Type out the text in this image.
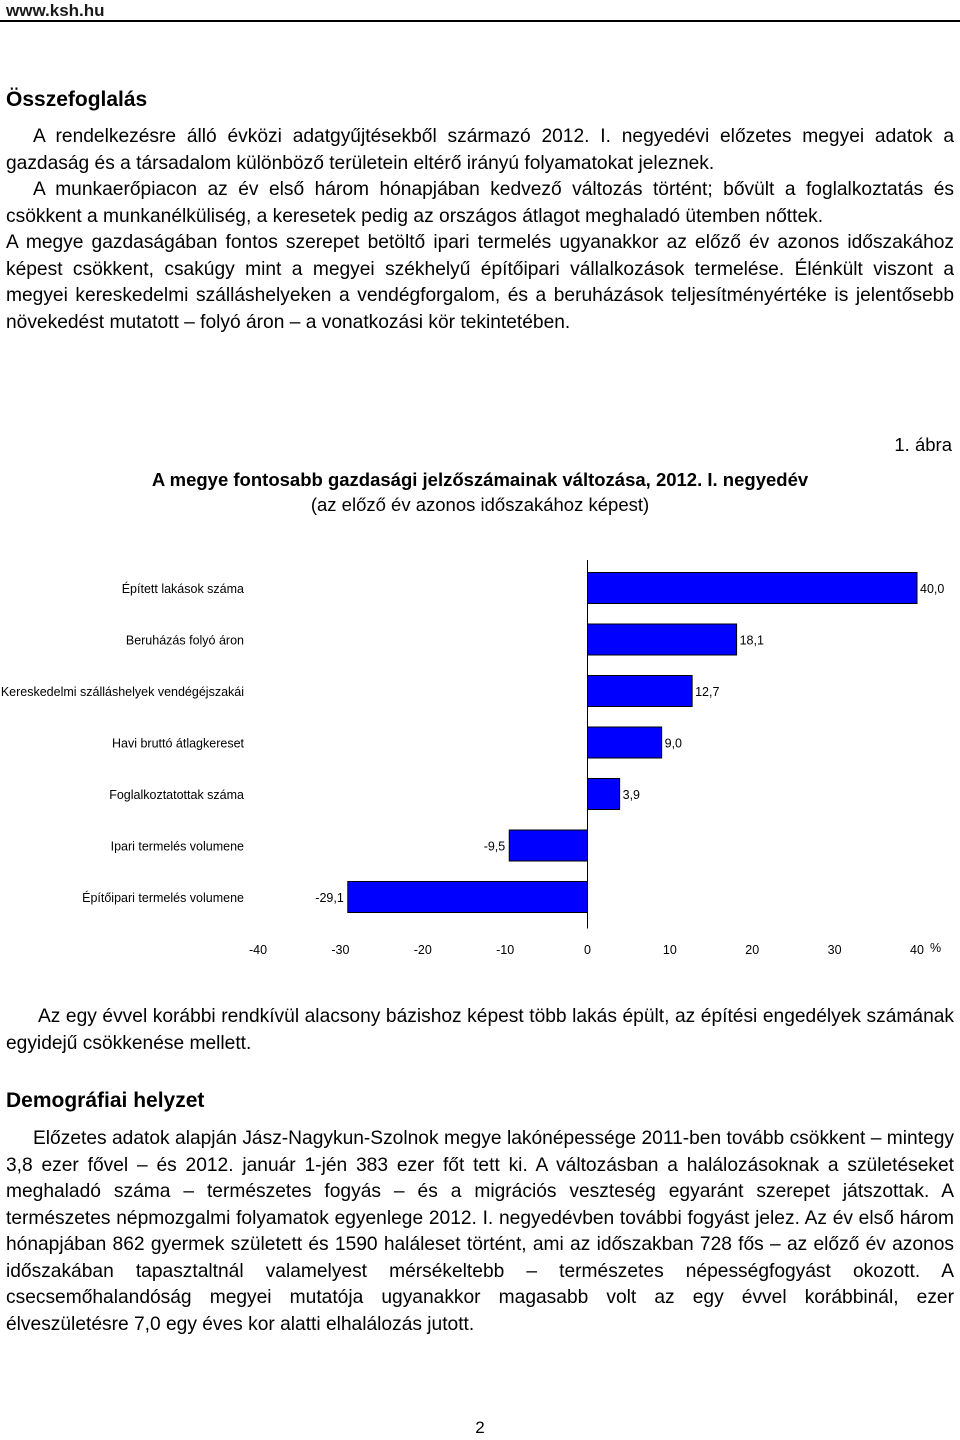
www.ksh.hu
Összefoglalás

A rendelkezésre álló évközi adatgyűjtésekből származó 2012. I. negyedévi előzetes megyei adatok a gazdaság és a társadalom különböző területein eltérő irányú folyamatokat jeleznek.

A munkaerőpiacon az év első három hónapjában kedvező változás történt; bővült a foglalkoztatás és csökkent a munkanélküliség, a keresetek pedig az országos átlagot meghaladó ütemben nőttek.

A megye gazdaságában fontos szerepet betöltő ipari termelés ugyanakkor az előző év azonos időszakához képest csökkent, csakúgy mint a megyei székhelyű építőipari vállalkozások termelése. Élénkült viszont a megyei kereskedelmi szálláshelyeken a vendégforgalom, és a beruházások teljesítményértéke is jelentősebb növekedést mutatott – folyó áron – a vonatkozási kör tekintetében.

1. ábra
A megye fontosabb gazdasági jelzőszámainak változása, 2012. I. negyedév
(az előző év azonos időszakához képest)
Épített lakások száma	40,0
Beruházás folyó áron	18,1
Kereskedelmi szálláshelyek vendégéjszakái	12,7
Havi bruttó átlagkereset	9,0
Foglalkoztatottak száma	3,9
Ipari termelés volumene	-9,5
Építőipari termelés volumene	-29,1
-40	-30	-20	-10	0	10	20	30	40 %

Az egy évvel korábbi rendkívül alacsony bázishoz képest több lakás épült, az építési engedélyek számának egyidejű csökkenése mellett.

Demográfiai helyzet

Előzetes adatok alapján Jász-Nagykun-Szolnok megye lakónépessége 2011-ben tovább csökkent – mintegy 3,8 ezer fővel – és 2012. január 1-jén 383 ezer főt tett ki. A változásban a halálozásoknak a születéseket meghaladó száma – természetes fogyás – és a migrációs veszteség egyaránt szerepet játszottak. A természetes népmozgalmi folyamatok egyenlege 2012. I. negyedévben további fogyást jelez. Az év első három hónapjában 862 gyermek született és 1590 haláleset történt, ami az időszakban 728 fős – az előző év azonos időszakában tapasztaltnál valamelyest mérsékeltebb – természetes népességfogyást okozott. A csecsemőhalandóság megyei mutatója ugyanakkor magasabb volt az egy évvel korábbinál, ezer élveszületésre 7,0 egy éves kor alatti elhalálozás jutott.

2
